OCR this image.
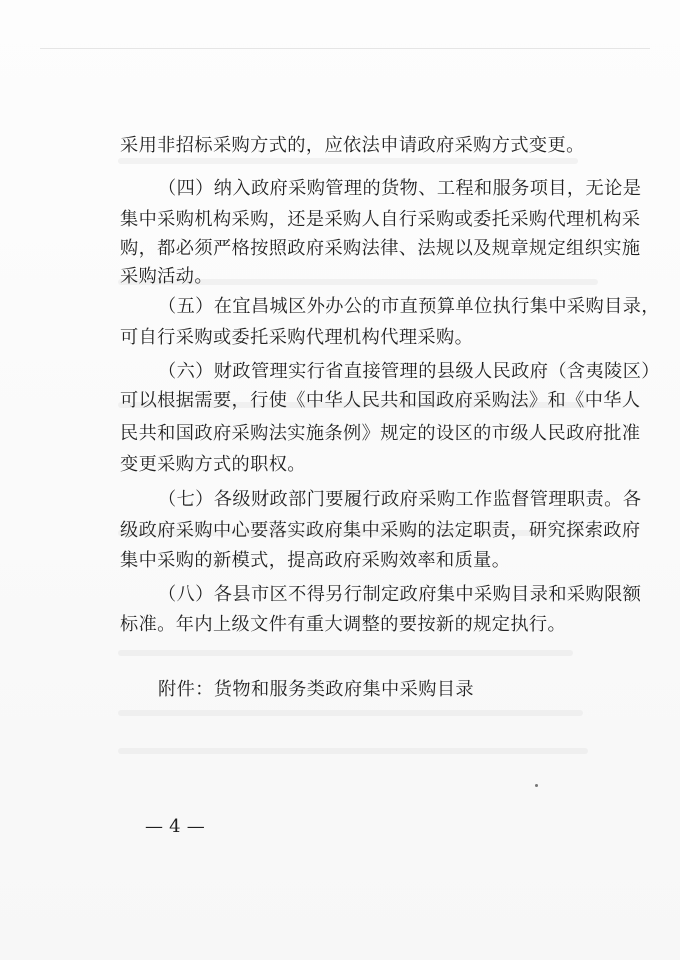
采用非招标采购方式的，应依法申请政府采购方式变更。
（四）纳入政府采购管理的货物、工程和服务项目，无论是
集中采购机构采购，还是采购人自行采购或委托采购代理机构采
购，都必须严格按照政府采购法律、法规以及规章规定组织实施
采购活动。
（五）在宜昌城区外办公的市直预算单位执行集中采购目录，
可自行采购或委托采购代理机构代理采购。
（六）财政管理实行省直接管理的县级人民政府（含夷陵区）
可以根据需要，行使《中华人民共和国政府采购法》和《中华人
民共和国政府采购法实施条例》规定的设区的市级人民政府批准
变更采购方式的职权。
（七）各级财政部门要履行政府采购工作监督管理职责。各
级政府采购中心要落实政府集中采购的法定职责，研究探索政府
集中采购的新模式，提高政府采购效率和质量。
（八）各县市区不得另行制定政府集中采购目录和采购限额
标准。年内上级文件有重大调整的要按新的规定执行。
附件：货物和服务类政府集中采购目录
— 4 —
